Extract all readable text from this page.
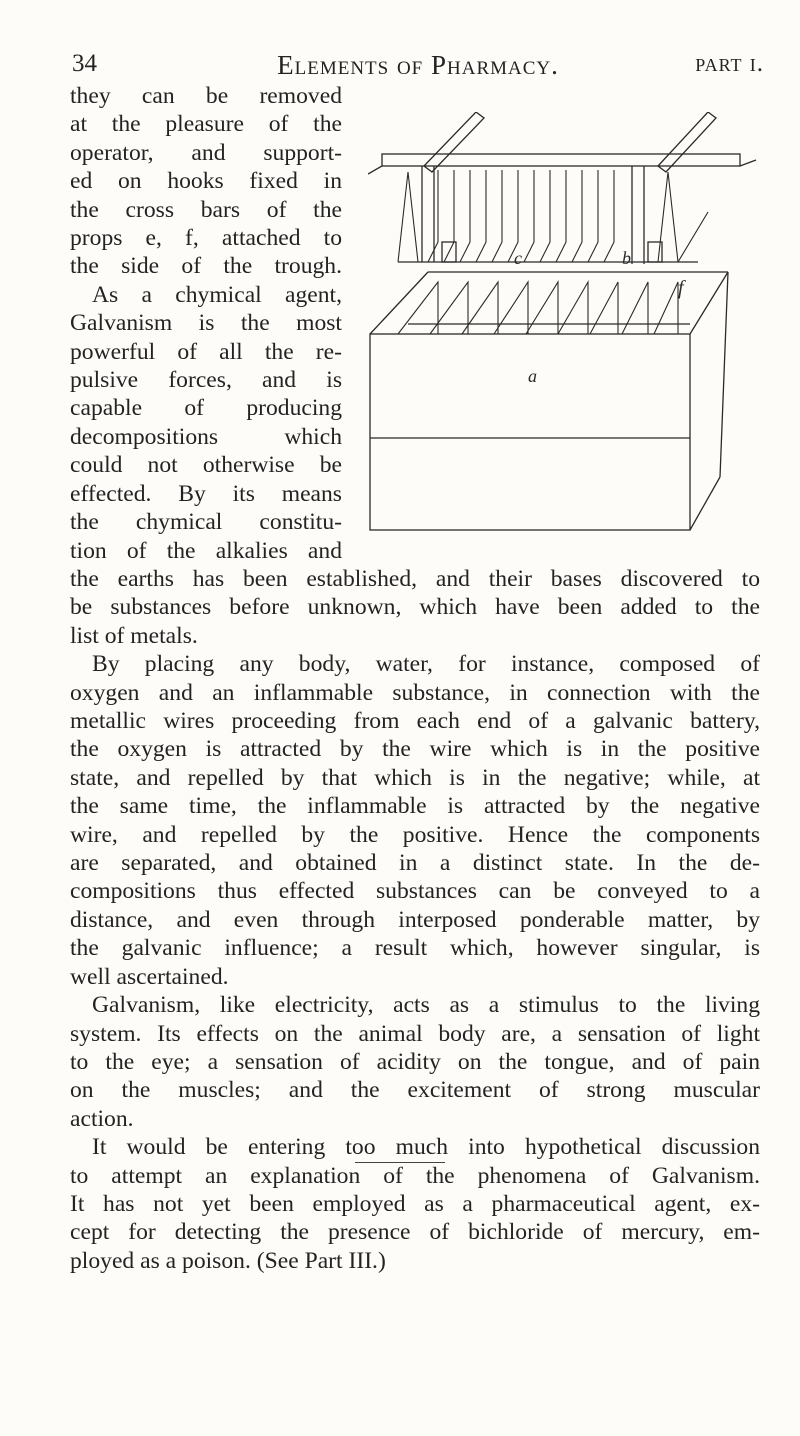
34	Elements of Pharmacy.	part i.
they can be removed
at the pleasure of the
operator, and support-
ed on hooks fixed in
the cross bars of the
props e, f, attached to
the side of the trough.
As a chymical agent,
Galvanism is the most
powerful of all the re-
pulsive forces, and is
capable of producing
decompositions which
could not otherwise be
effected. By its means
the chymical constitu-
tion of the alkalies and
c	b
f
a
the earths has been established, and their bases discovered to
be substances before unknown, which have been added to the
list of metals.
By placing any body, water, for instance, composed of
oxygen and an inflammable substance, in connection with the
metallic wires proceeding from each end of a galvanic battery,
the oxygen is attracted by the wire which is in the positive
state, and repelled by that which is in the negative; while, at
the same time, the inflammable is attracted by the negative
wire, and repelled by the positive. Hence the components
are separated, and obtained in a distinct state. In the de-
compositions thus effected substances can be conveyed to a
distance, and even through interposed ponderable matter, by
the galvanic influence; a result which, however singular, is
well ascertained.
Galvanism, like electricity, acts as a stimulus to the living
system. Its effects on the animal body are, a sensation of light
to the eye; a sensation of acidity on the tongue, and of pain
on the muscles; and the excitement of strong muscular
action.
It would be entering too much into hypothetical discussion
to attempt an explanation of the phenomena of Galvanism.
It has not yet been employed as a pharmaceutical agent, ex-
cept for detecting the presence of bichloride of mercury, em-
ployed as a poison. (See Part III.)
